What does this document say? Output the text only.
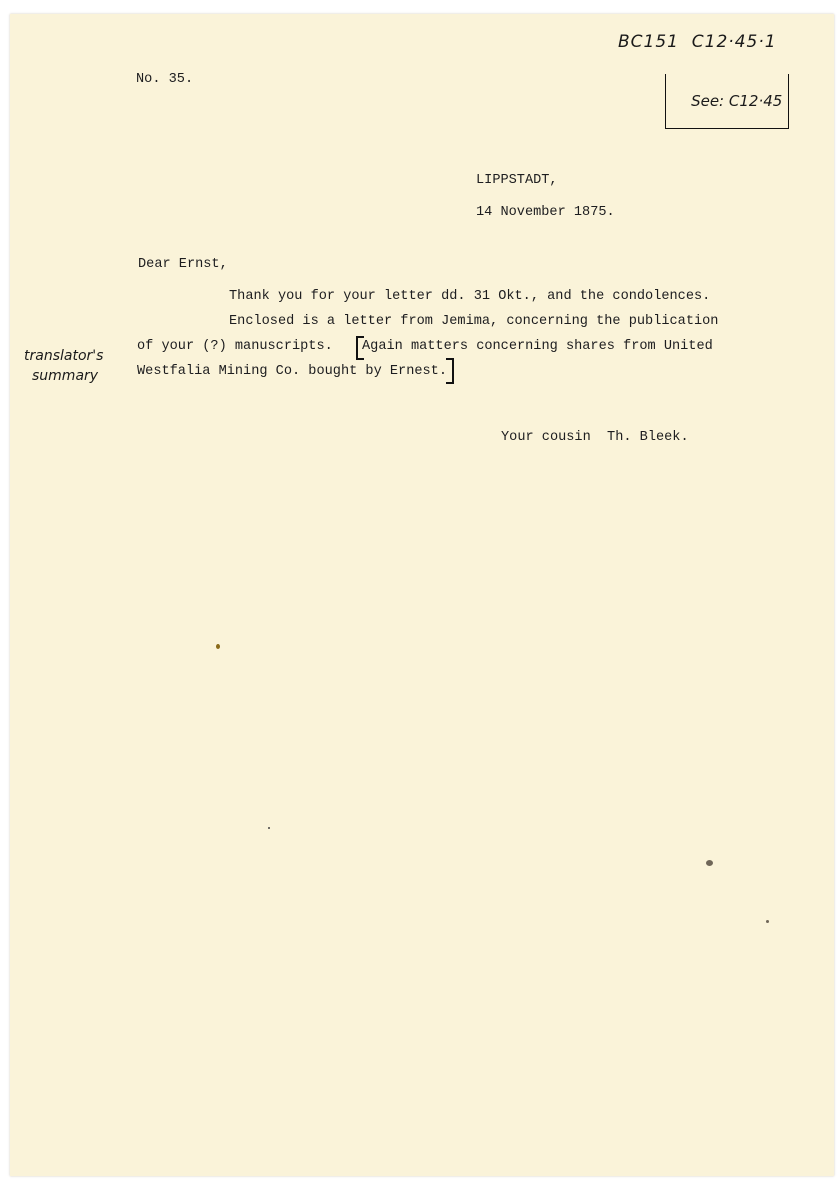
BC151  C12·45·1

See: C12·45

translator's
summary
No. 35.
LIPPSTADT,
14 November 1875.
Dear Ernst,
Thank you for your letter dd. 31 Okt., and the condolences.
Enclosed is a letter from Jemima, concerning the publication
of your (?) manuscripts. Again matters concerning shares from United
Westfalia Mining Co. bought by Ernest.
Your cousin  Th. Bleek.
